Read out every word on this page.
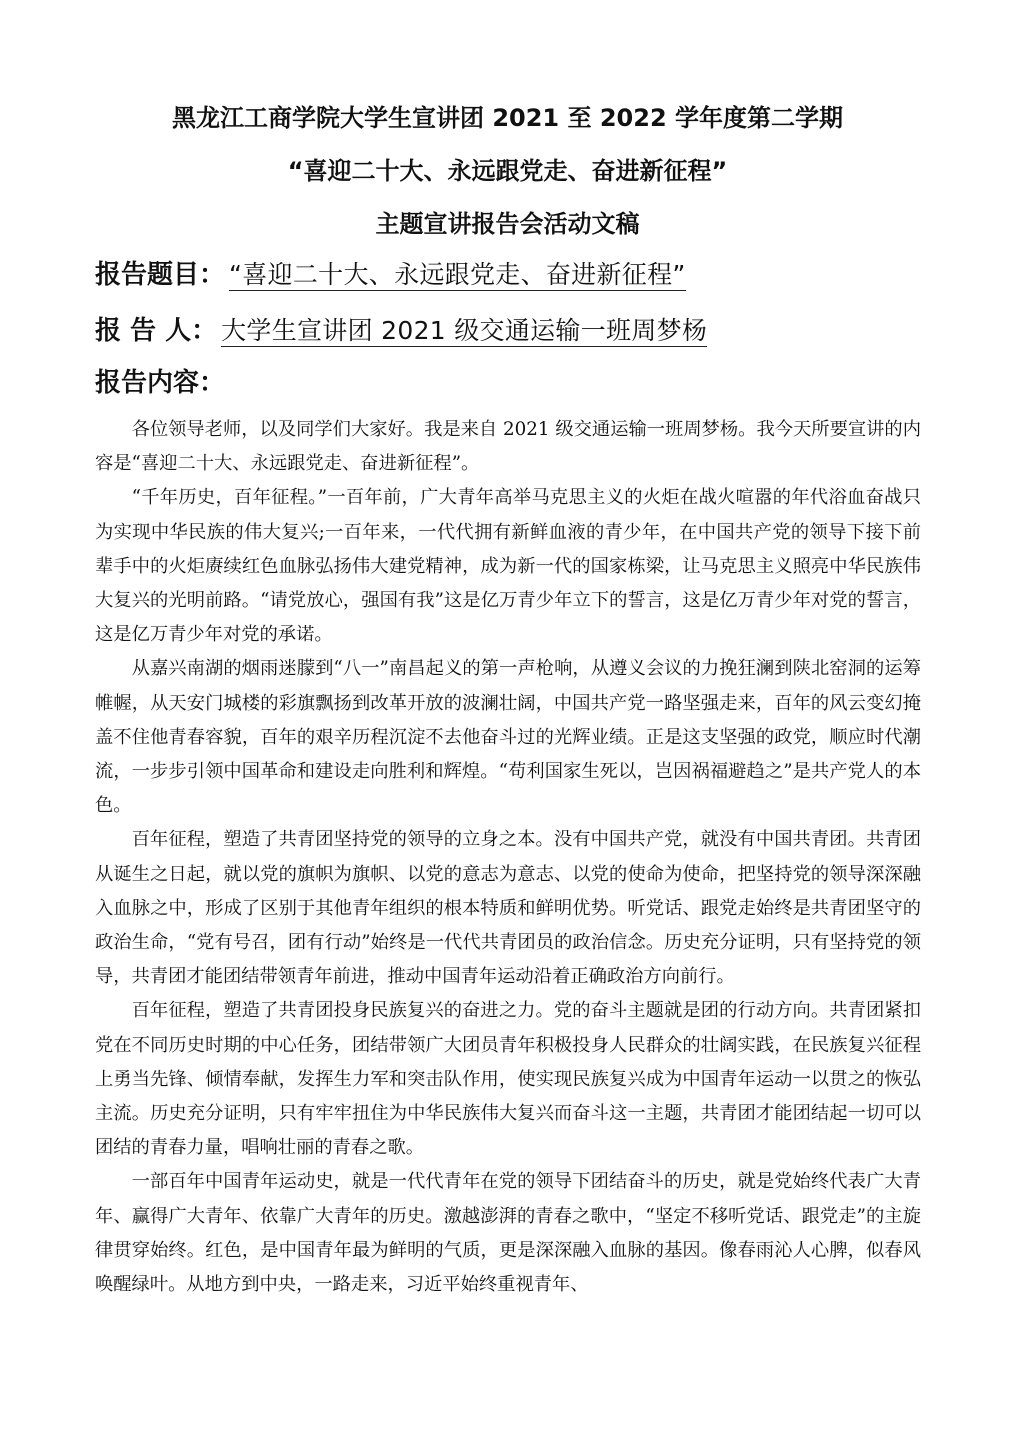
黑龙江工商学院大学生宣讲团 2021 至 2022 学年度第二学期
“喜迎二十大、永远跟党走、奋进新征程”
主题宣讲报告会活动文稿
报告题目： “喜迎二十大、永远跟党走、奋进新征程”
报 告 人： 大学生宣讲团 2021 级交通运输一班周梦杨
报告内容：

各位领导老师，以及同学们大家好。我是来自 2021 级交通运输一班周梦杨。我今天所要宣讲的内容是“喜迎二十大、永远跟党走、奋进新征程”。

“千年历史，百年征程。”一百年前，广大青年高举马克思主义的火炬在战火喧嚣的年代浴血奋战只为实现中华民族的伟大复兴;一百年来，一代代拥有新鲜血液的青少年，在中国共产党的领导下接下前辈手中的火炬赓续红色血脉弘扬伟大建党精神，成为新一代的国家栋梁，让马克思主义照亮中华民族伟大复兴的光明前路。“请党放心，强国有我”这是亿万青少年立下的誓言，这是亿万青少年对党的誓言，这是亿万青少年对党的承诺。

从嘉兴南湖的烟雨迷朦到“八一”南昌起义的第一声枪响，从遵义会议的力挽狂澜到陕北窑洞的运筹帷幄，从天安门城楼的彩旗飘扬到改革开放的波澜壮阔，中国共产党一路坚强走来，百年的风云变幻掩盖不住他青春容貌，百年的艰辛历程沉淀不去他奋斗过的光辉业绩。正是这支坚强的政党，顺应时代潮流，一步步引领中国革命和建设走向胜利和辉煌。“苟利国家生死以，岂因祸福避趋之”是共产党人的本色。

百年征程，塑造了共青团坚持党的领导的立身之本。没有中国共产党，就没有中国共青团。共青团从诞生之日起，就以党的旗帜为旗帜、以党的意志为意志、以党的使命为使命，把坚持党的领导深深融入血脉之中，形成了区别于其他青年组织的根本特质和鲜明优势。听党话、跟党走始终是共青团坚守的政治生命，“党有号召，团有行动”始终是一代代共青团员的政治信念。历史充分证明，只有坚持党的领导，共青团才能团结带领青年前进，推动中国青年运动沿着正确政治方向前行。

百年征程，塑造了共青团投身民族复兴的奋进之力。党的奋斗主题就是团的行动方向。共青团紧扣党在不同历史时期的中心任务，团结带领广大团员青年积极投身人民群众的壮阔实践，在民族复兴征程上勇当先锋、倾情奉献，发挥生力军和突击队作用，使实现民族复兴成为中国青年运动一以贯之的恢弘主流。历史充分证明，只有牢牢扭住为中华民族伟大复兴而奋斗这一主题，共青团才能团结起一切可以团结的青春力量，唱响壮丽的青春之歌。

一部百年中国青年运动史，就是一代代青年在党的领导下团结奋斗的历史，就是党始终代表广大青年、赢得广大青年、依靠广大青年的历史。激越澎湃的青春之歌中，“坚定不移听党话、跟党走”的主旋律贯穿始终。红色，是中国青年最为鲜明的气质，更是深深融入血脉的基因。像春雨沁人心脾，似春风唤醒绿叶。从地方到中央，一路走来，习近平始终重视青年、
